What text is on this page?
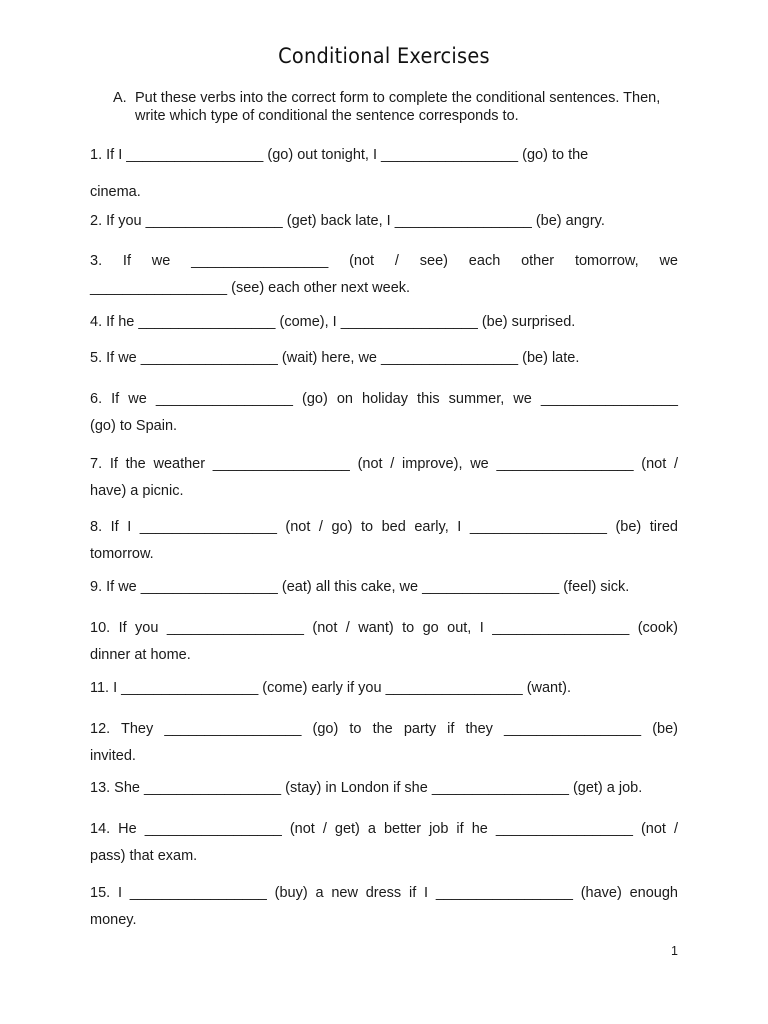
Conditional Exercises
A. Put these verbs into the correct form to complete the conditional sentences. Then, write which type of conditional the sentence corresponds to.
1. If I _________________ (go) out tonight, I _________________ (go) to the
cinema.
2. If you _________________ (get) back late, I _________________ (be) angry.
3. If we _________________ (not / see) each other tomorrow, we
_________________ (see) each other next week.
4. If he _________________ (come), I _________________ (be) surprised.
5. If we _________________ (wait) here, we _________________ (be) late.
6. If we _________________ (go) on holiday this summer, we _________________
(go) to Spain.
7. If the weather _________________ (not / improve), we _________________ (not /
have) a picnic.
8. If I _________________ (not / go) to bed early, I _________________ (be) tired
tomorrow.
9. If we _________________ (eat) all this cake, we _________________ (feel) sick.
10. If you _________________ (not / want) to go out, I _________________ (cook)
dinner at home.
11. I _________________ (come) early if you _________________ (want).
12. They _________________ (go) to the party if they _________________ (be)
invited.
13. She _________________ (stay) in London if she _________________ (get) a job.
14. He _________________ (not / get) a better job if he _________________ (not /
pass) that exam.
15. I _________________ (buy) a new dress if I _________________ (have) enough
money.
1
